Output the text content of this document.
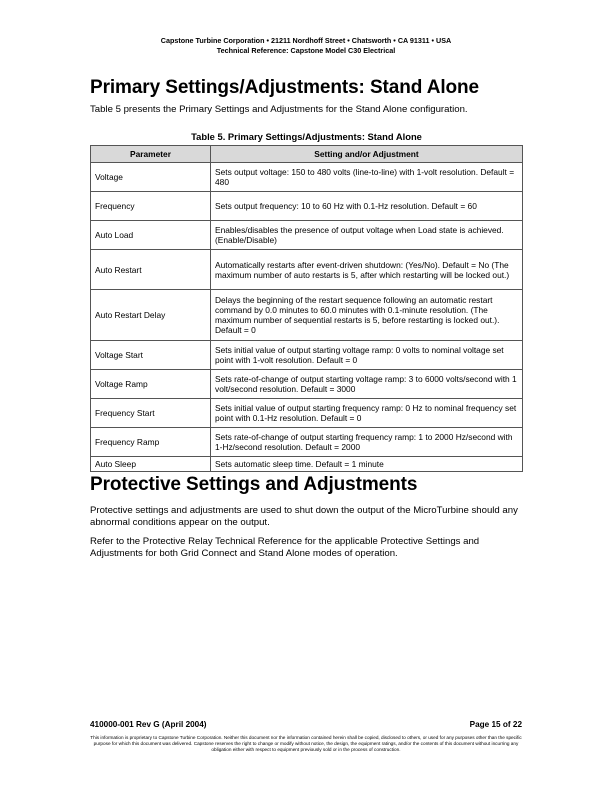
Capstone Turbine Corporation • 21211 Nordhoff Street • Chatsworth • CA 91311 • USA
Technical Reference: Capstone Model C30 Electrical
Primary Settings/Adjustments: Stand Alone

Table 5 presents the Primary Settings and Adjustments for the Stand Alone configuration.

Table 5. Primary Settings/Adjustments: Stand Alone
Parameter	Setting and/or Adjustment
Voltage	Sets output voltage: 150 to 480 volts (line-to-line) with 1-volt resolution. Default = 480
Frequency	Sets output frequency: 10 to 60 Hz with 0.1-Hz resolution. Default = 60
Auto Load	Enables/disables the presence of output voltage when Load state is achieved. (Enable/Disable)
Auto Restart	Automatically restarts after event-driven shutdown: (Yes/No). Default = No (The maximum number of auto restarts is 5, after which restarting will be locked out.)
Auto Restart Delay	Delays the beginning of the restart sequence following an automatic restart command by 0.0 minutes to 60.0 minutes with 0.1-minute resolution. (The maximum number of sequential restarts is 5, before restarting is locked out.). Default = 0
Voltage Start	Sets initial value of output starting voltage ramp: 0 volts to nominal voltage set point with 1-volt resolution. Default = 0
Voltage Ramp	Sets rate-of-change of output starting voltage ramp: 3 to 6000 volts/second with 1 volt/second resolution. Default = 3000
Frequency Start	Sets initial value of output starting frequency ramp: 0 Hz to nominal frequency set point with 0.1-Hz resolution. Default = 0
Frequency Ramp	Sets rate-of-change of output starting frequency ramp: 1 to 2000 Hz/second with 1-Hz/second resolution. Default = 2000
Auto Sleep	Sets automatic sleep time. Default = 1 minute
Protective Settings and Adjustments

Protective settings and adjustments are used to shut down the output of the MicroTurbine should any abnormal conditions appear on the output.

Refer to the Protective Relay Technical Reference for the applicable Protective Settings and Adjustments for both Grid Connect and Stand Alone modes of operation.

410000-001 Rev G (April 2004)	Page 15 of 22
This information is proprietary to Capstone Turbine Corporation. Neither this document nor the information contained herein shall be copied, disclosed to others, or used for any purposes other than the specific purpose for which this document was delivered. Capstone reserves the right to change or modify without notice, the design, the equipment ratings, and/or the contents of this document without incurring any obligation either with respect to equipment previously sold or in the process of construction.
